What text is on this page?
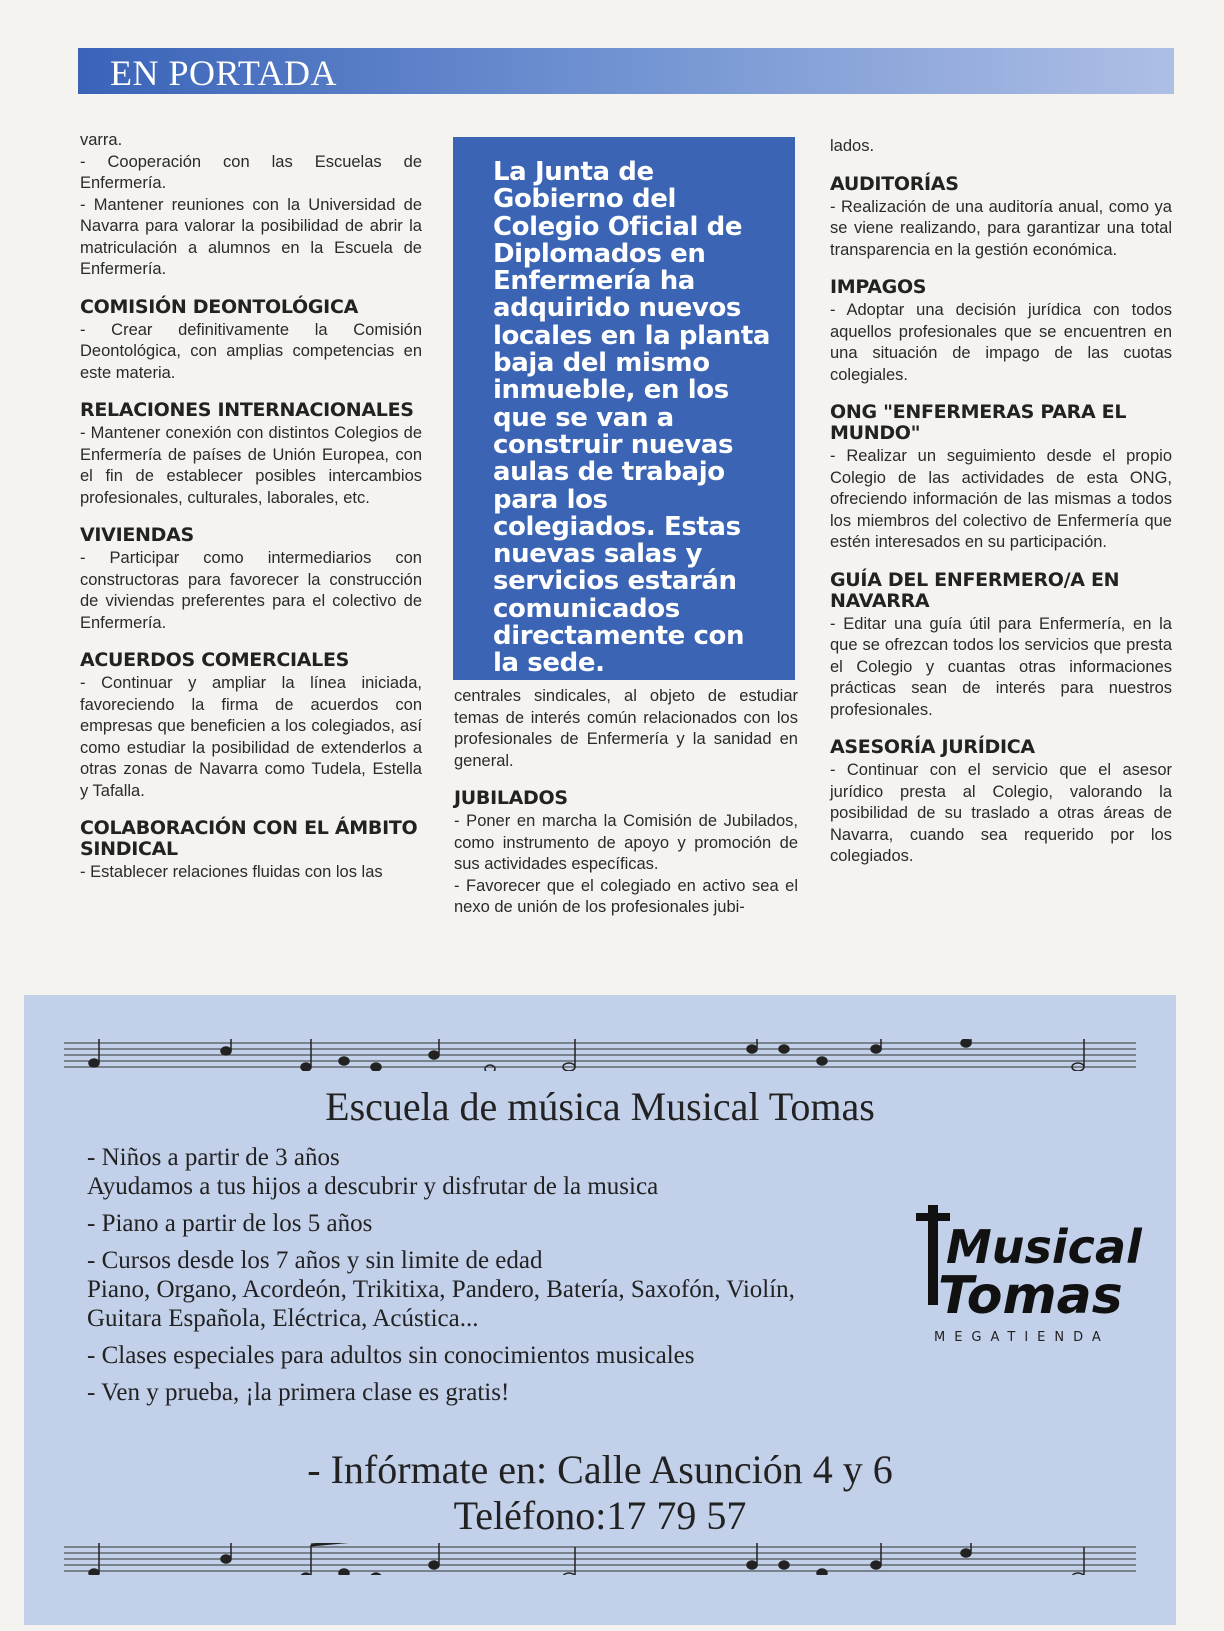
EN PORTADA

varra.

- Cooperación con las Escuelas de Enfermería.

- Mantener reuniones con la Universidad de Navarra para valorar la posibilidad de abrir la matriculación a alumnos en la Escuela de Enfermería.

COMISIÓN DEONTOLÓGICA

- Crear definitivamente la Comisión Deontológica, con amplias competencias en este materia.

RELACIONES INTERNACIONALES

- Mantener conexión con distintos Colegios de Enfermería de países de Unión Europea, con el fin de establecer posibles intercambios profesionales, culturales, laborales, etc.

VIVIENDAS

- Participar como intermediarios con constructoras para favorecer la construcción de viviendas preferentes para el colectivo de Enfermería.

ACUERDOS COMERCIALES

- Continuar y ampliar la línea iniciada, favoreciendo la firma de acuerdos con empresas que beneficien a los colegiados, así como estudiar la posibilidad de extenderlos a otras zonas de Navarra como Tudela, Estella y Tafalla.

COLABORACIÓN CON EL ÁMBITO SINDICAL

- Establecer relaciones fluidas con los las

La Junta de Gobierno del Colegio Oficial de Diplomados en Enfermería ha adquirido nuevos locales en la planta baja del mismo inmueble, en los que se van a construir nuevas aulas de trabajo para los colegiados. Estas nuevas salas y servicios estarán comunicados directamente con la sede.

centrales sindicales, al objeto de estudiar temas de interés común relacionados con los profesionales de Enfermería y la sanidad en general.

JUBILADOS

- Poner en marcha la Comisión de Jubilados, como instrumento de apoyo y promoción de sus actividades específicas.

- Favorecer que el colegiado en activo sea el nexo de unión de los profesionales jubi-

lados.

AUDITORÍAS

- Realización de una auditoría anual, como ya se viene realizando, para garantizar una total transparencia en la gestión económica.

IMPAGOS

- Adoptar una decisión jurídica con todos aquellos profesionales que se encuentren en una situación de impago de las cuotas colegiales.

ONG "ENFERMERAS PARA EL MUNDO"

- Realizar un seguimiento desde el propio Colegio de las actividades de esta ONG, ofreciendo información de las mismas a todos los miembros del colectivo de Enfermería que estén interesados en su participación.

GUÍA DEL ENFERMERO/A EN NAVARRA

- Editar una guía útil para Enfermería, en la que se ofrezcan todos los servicios que presta el Colegio y cuantas otras informaciones prácticas sean de interés para nuestros profesionales.

ASESORÍA JURÍDICA

- Continuar con el servicio que el asesor jurídico presta al Colegio, valorando la posibilidad de su traslado a otras áreas de Navarra, cuando sea requerido por los colegiados.

Escuela de música Musical Tomas
- Niños a partir de 3 años
Ayudamos a tus hijos a descubrir y disfrutar de la musica
- Piano a partir de los 5 años
- Cursos desde los 7 años y sin limite de edad
Piano, Organo, Acordeón, Trikitixa, Pandero, Batería, Saxofón, Violín,
Guitara Española, Eléctrica, Acústica...
- Clases especiales para adultos sin conocimientos musicales
- Ven y prueba, ¡la primera clase es gratis!
Musical
Tomas
MEGATIENDA
- Infórmate en: Calle Asunción 4 y 6
Teléfono:17 79 57
